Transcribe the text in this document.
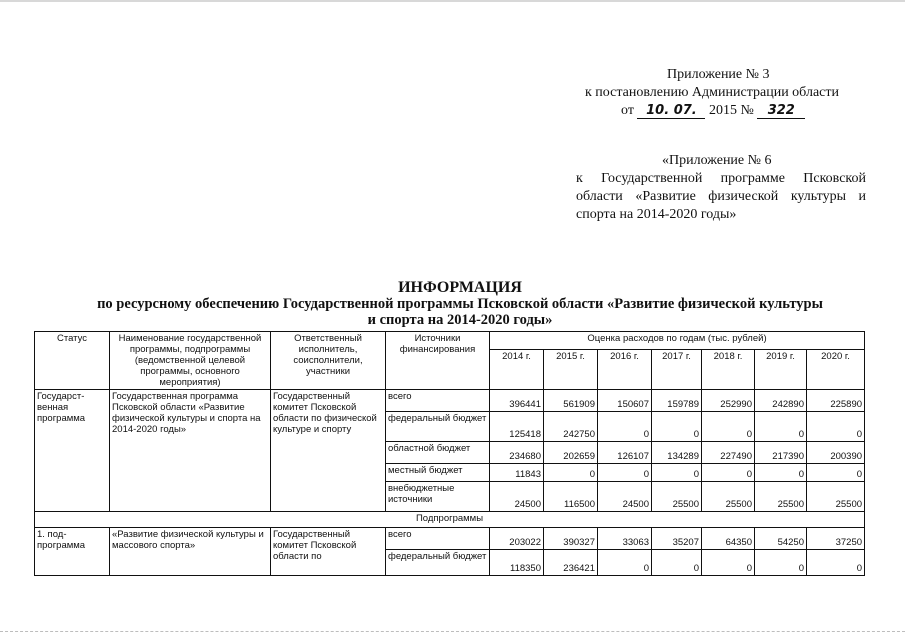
Приложение № 3
к постановлению Администрации области
от 10. 07. 2015 № 322
«Приложение № 6
к Государственной программе Псковской области «Развитие физической культуры и спорта на 2014-2020 годы»
ИНФОРМАЦИЯ
по ресурсному обеспечению Государственной программы Псковской области «Развитие физической культуры
и спорта на 2014-2020 годы»
Статус	Наименование государственной программы, подпрограммы (ведомственной целевой программы, основного мероприятия)	Ответственный исполнитель, соисполнители, участники	Источники финансирования	Оценка расходов по годам (тыс. рублей)						
				2014 г.	2015 г.	2016 г.	2017 г.	2018 г.	2019 г.	2020 г.
Государст-венная программа	Государственная программа Псковской области «Развитие физической культуры и спорта на 2014-2020 годы»	Государственный комитет Псковской области по физической культуре и спорту	всего	396441	561909	150607	159789	252990	242890	225890
			федеральный бюджет	125418	242750	0	0	0	0	0
			областной бюджет	234680	202659	126107	134289	227490	217390	200390
			местный бюджет	11843	0	0	0	0	0	0
			внебюджетные источники	24500	116500	24500	25500	25500	25500	25500
Подпрограммы										
1. под-программа	«Развитие физической культуры и массового спорта»	Государственный комитет Псковской области по	всего	203022	390327	33063	35207	64350	54250	37250
			федеральный бюджет	118350	236421	0	0	0	0	0
